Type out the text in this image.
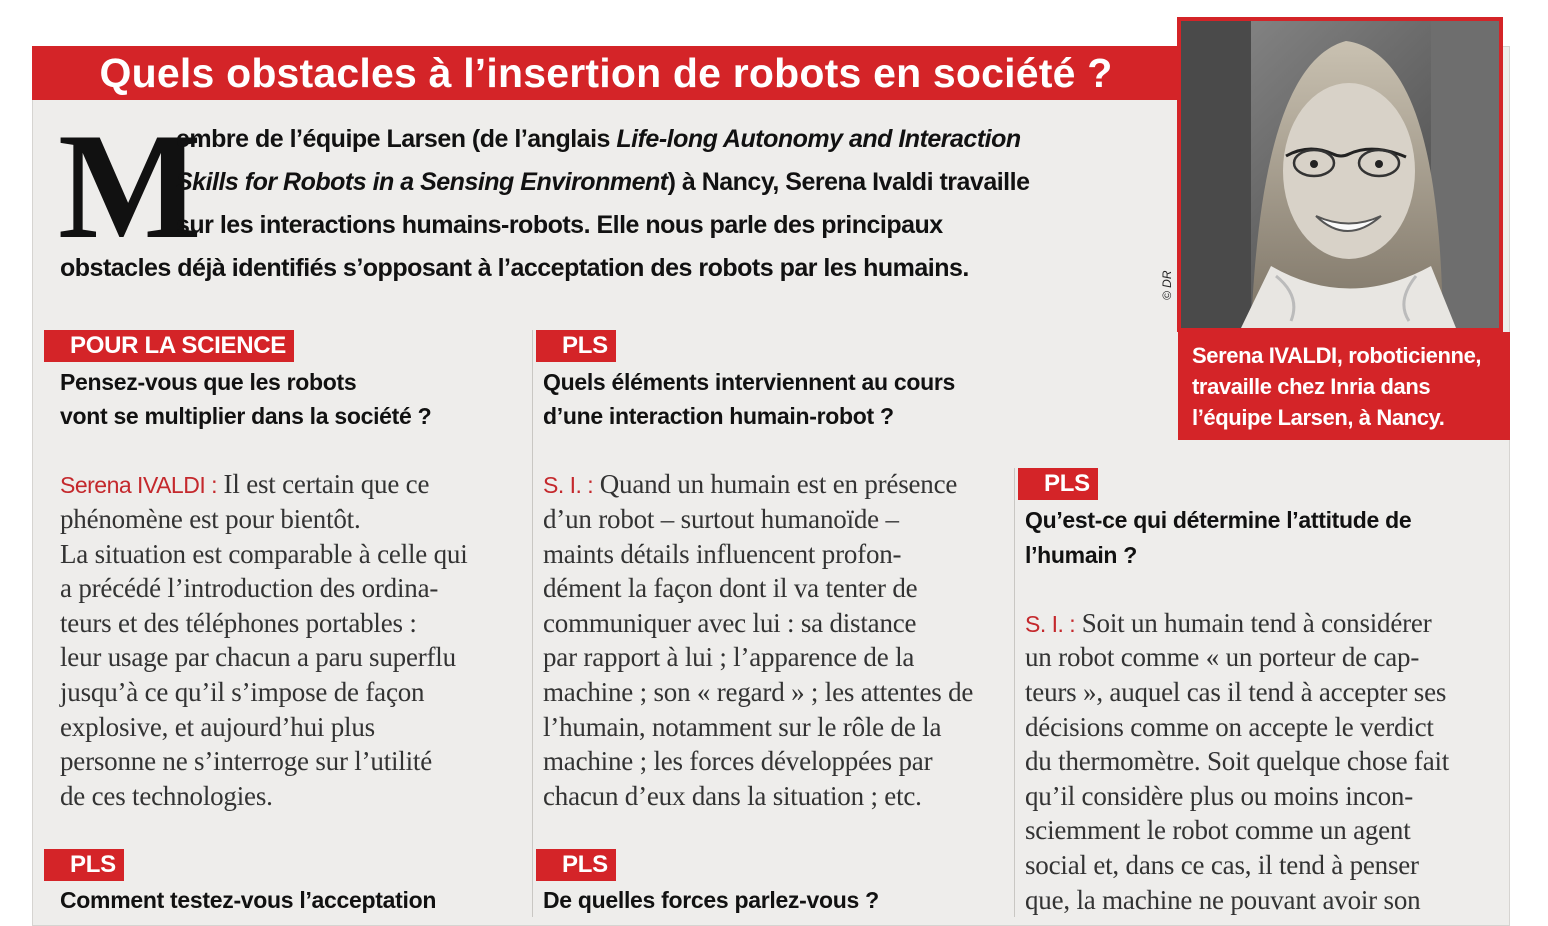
Quels obstacles à l’insertion de robots en société ?
M
embre de l’équipe Larsen (de l’anglais Life-long Autonomy and Interaction
Skills for Robots in a Sensing Environment) à Nancy, Serena Ivaldi travaille
sur les interactions humains-robots. Elle nous parle des principaux
obstacles déjà identifiés s’opposant à l’acceptation des robots par les humains.
© DR
Serena IVALDI, roboticienne,
travaille chez Inria dans
l’équipe Larsen, à Nancy.
POUR LA SCIENCE
Pensez-vous que les robots
vont se multiplier dans la société ?
Serena IVALDI : Il est certain que ce
phénomène est pour bientôt.
La situation est comparable à celle qui
a précédé l’introduction des ordina-
teurs et des téléphones portables :
leur usage par chacun a paru superflu
jusqu’à ce qu’il s’impose de façon
explosive, et aujourd’hui plus
personne ne s’interroge sur l’utilité
de ces technologies.
PLS
Comment testez-vous l’acceptation
PLS
Quels éléments interviennent au cours
d’une interaction humain-robot ?
S. I. : Quand un humain est en présence
d’un robot – surtout humanoïde –
maints détails influencent profon-
dément la façon dont il va tenter de
communiquer avec lui : sa distance
par rapport à lui ; l’apparence de la
machine ; son « regard » ; les attentes de
l’humain, notamment sur le rôle de la
machine ; les forces développées par
chacun d’eux dans la situation ; etc.
PLS
De quelles forces parlez-vous ?
PLS
Qu’est-ce qui détermine l’attitude de
l’humain ?
S. I. : Soit un humain tend à considérer
un robot comme « un porteur de cap-
teurs », auquel cas il tend à accepter ses
décisions comme on accepte le verdict
du thermomètre. Soit quelque chose fait
qu’il considère plus ou moins incon-
sciemment le robot comme un agent
social et, dans ce cas, il tend à penser
que, la machine ne pouvant avoir son
